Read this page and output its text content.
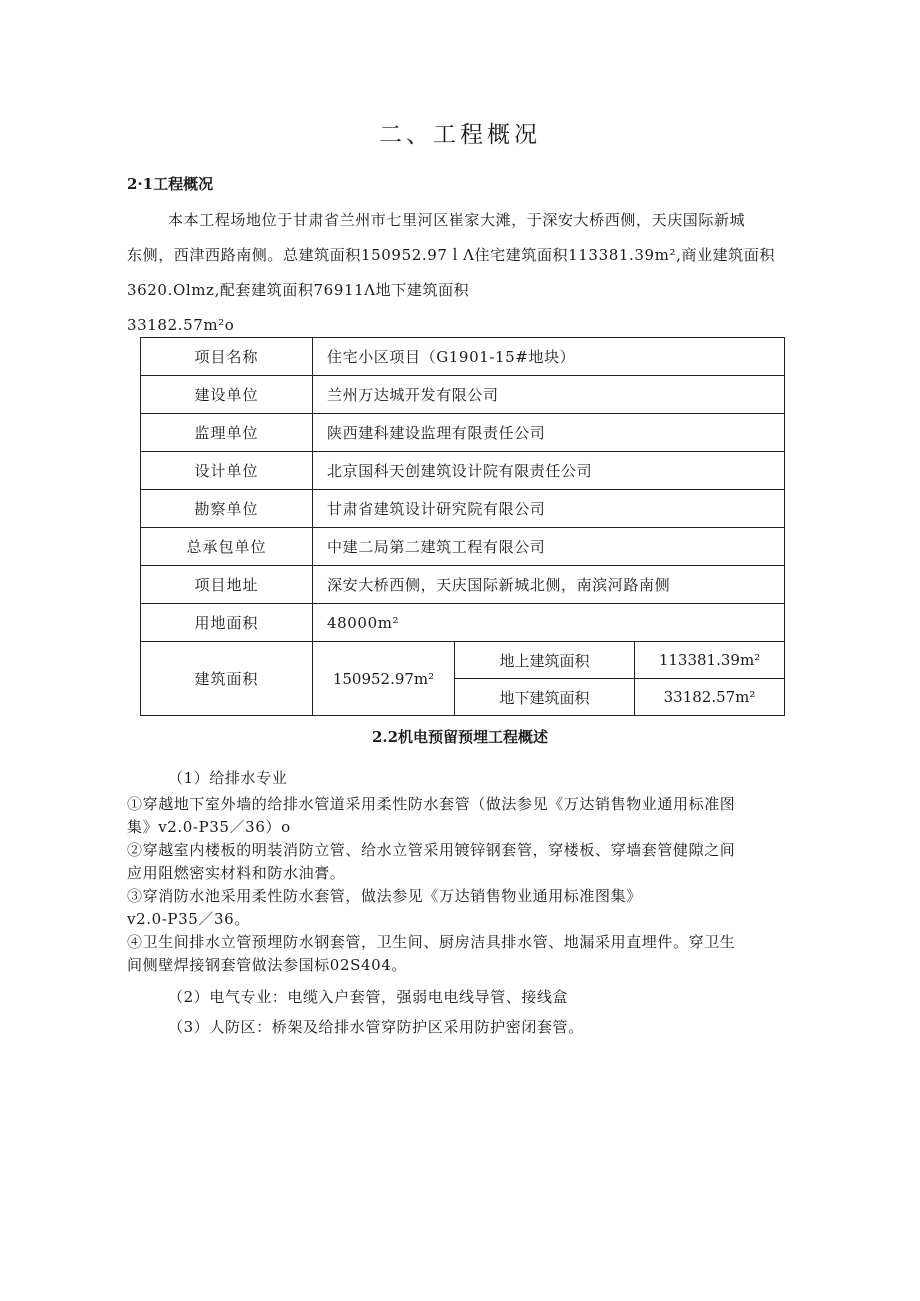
二、工程概况
2·1工程概况
本本工程场地位于甘肃省兰州市七里河区崔家大滩，于深安大桥西侧，天庆国际新城
东侧，西津西路南侧。总建筑面积150952.97ｌΛ住宅建筑面积113381.39m²,商业建筑面积
3620.Olmz,配套建筑面积76911Λ地下建筑面积
33182.57m²o
项目名称	住宅小区项目（G1901-15#地块）		
建设单位	兰州万达城开发有限公司		
监理单位	陕西建科建设监理有限责任公司		
设计单位	北京国科天创建筑设计院有限责任公司		
勘察单位	甘肃省建筑设计研究院有限公司		
总承包单位	中建二局第二建筑工程有限公司		
项目地址	深安大桥西侧，天庆国际新城北侧，南滨河路南侧		
用地面积	48000m²		
建筑面积	150952.97m²	地上建筑面积	113381.39m²
		地下建筑面积	33182.57m²
2.2机电预留预埋工程概述
（1）给排水专业
①穿越地下室外墙的给排水管道采用柔性防水套管（做法参见《万达销售物业通用标准图
集》v2.0-P35／36）o
②穿越室内楼板的明装消防立管、给水立管采用镀锌钢套管，穿楼板、穿墙套管健隙之间
应用阻燃密实材料和防水油膏。
③穿消防水池采用柔性防水套管，做法参见《万达销售物业通用标准图集》
v2.0-P35／36。
④卫生间排水立管预埋防水钢套管，卫生间、厨房洁具排水管、地漏采用直埋件。穿卫生
间侧壁焊接钢套管做法参国标02S404。
（2）电气专业：电缆入户套管，强弱电电线导管、接线盒
（3）人防区：桥架及给排水管穿防护区采用防护密闭套管。
